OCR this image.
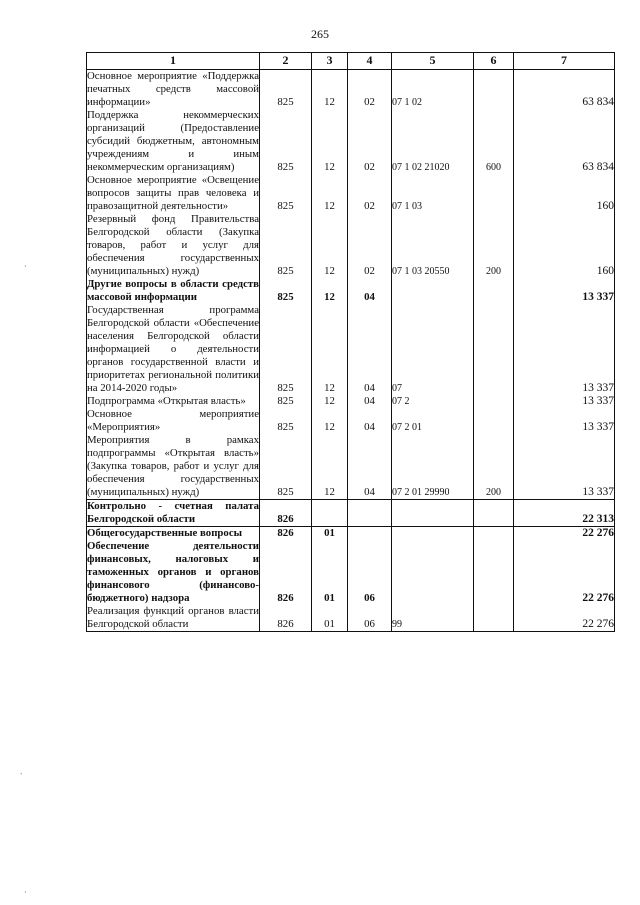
265
1	2	3	4	5	6	7
Основное мероприятие «Поддержка печатных средств массовой информации»	825	12	02	07 1 02		63 834
Поддержка некоммерческих организаций (Предоставление субсидий бюджетным, автономным учреждениям и иным некоммерческим организациям)	825	12	02	07 1 02 21020	600	63 834
Основное мероприятие «Освещение вопросов защиты прав человека и правозащитной деятельности»	825	12	02	07 1 03		160
Резервный фонд Правительства Белгородской области (Закупка товаров, работ и услуг для обеспечения государственных (муниципальных) нужд)	825	12	02	07 1 03 20550	200	160
Другие вопросы в области средств массовой информации	825	12	04			13 337
Государственная программа Белгородской области «Обеспечение населения Белгородской области информацией о деятельности органов государственной власти и приоритетах региональной политики на 2014-2020 годы»	825	12	04	07		13 337
Подпрограмма «Открытая власть»	825	12	04	07 2		13 337
Основное мероприятие «Мероприятия»	825	12	04	07 2 01		13 337
Мероприятия в рамках подпрограммы «Открытая власть» (Закупка товаров, работ и услуг для обеспечения государственных (муниципальных) нужд)	825	12	04	07 2 01 29990	200	13 337
Контрольно - счетная палата Белгородской области	826					22 313
Общегосударственные вопросы	826	01				22 276
Обеспечение деятельности финансовых, налоговых и таможенных органов и органов финансового (финансово-бюджетного) надзора	826	01	06			22 276
Реализация функций органов власти Белгородской области	826	01	06	99		22 276
·
`
·
